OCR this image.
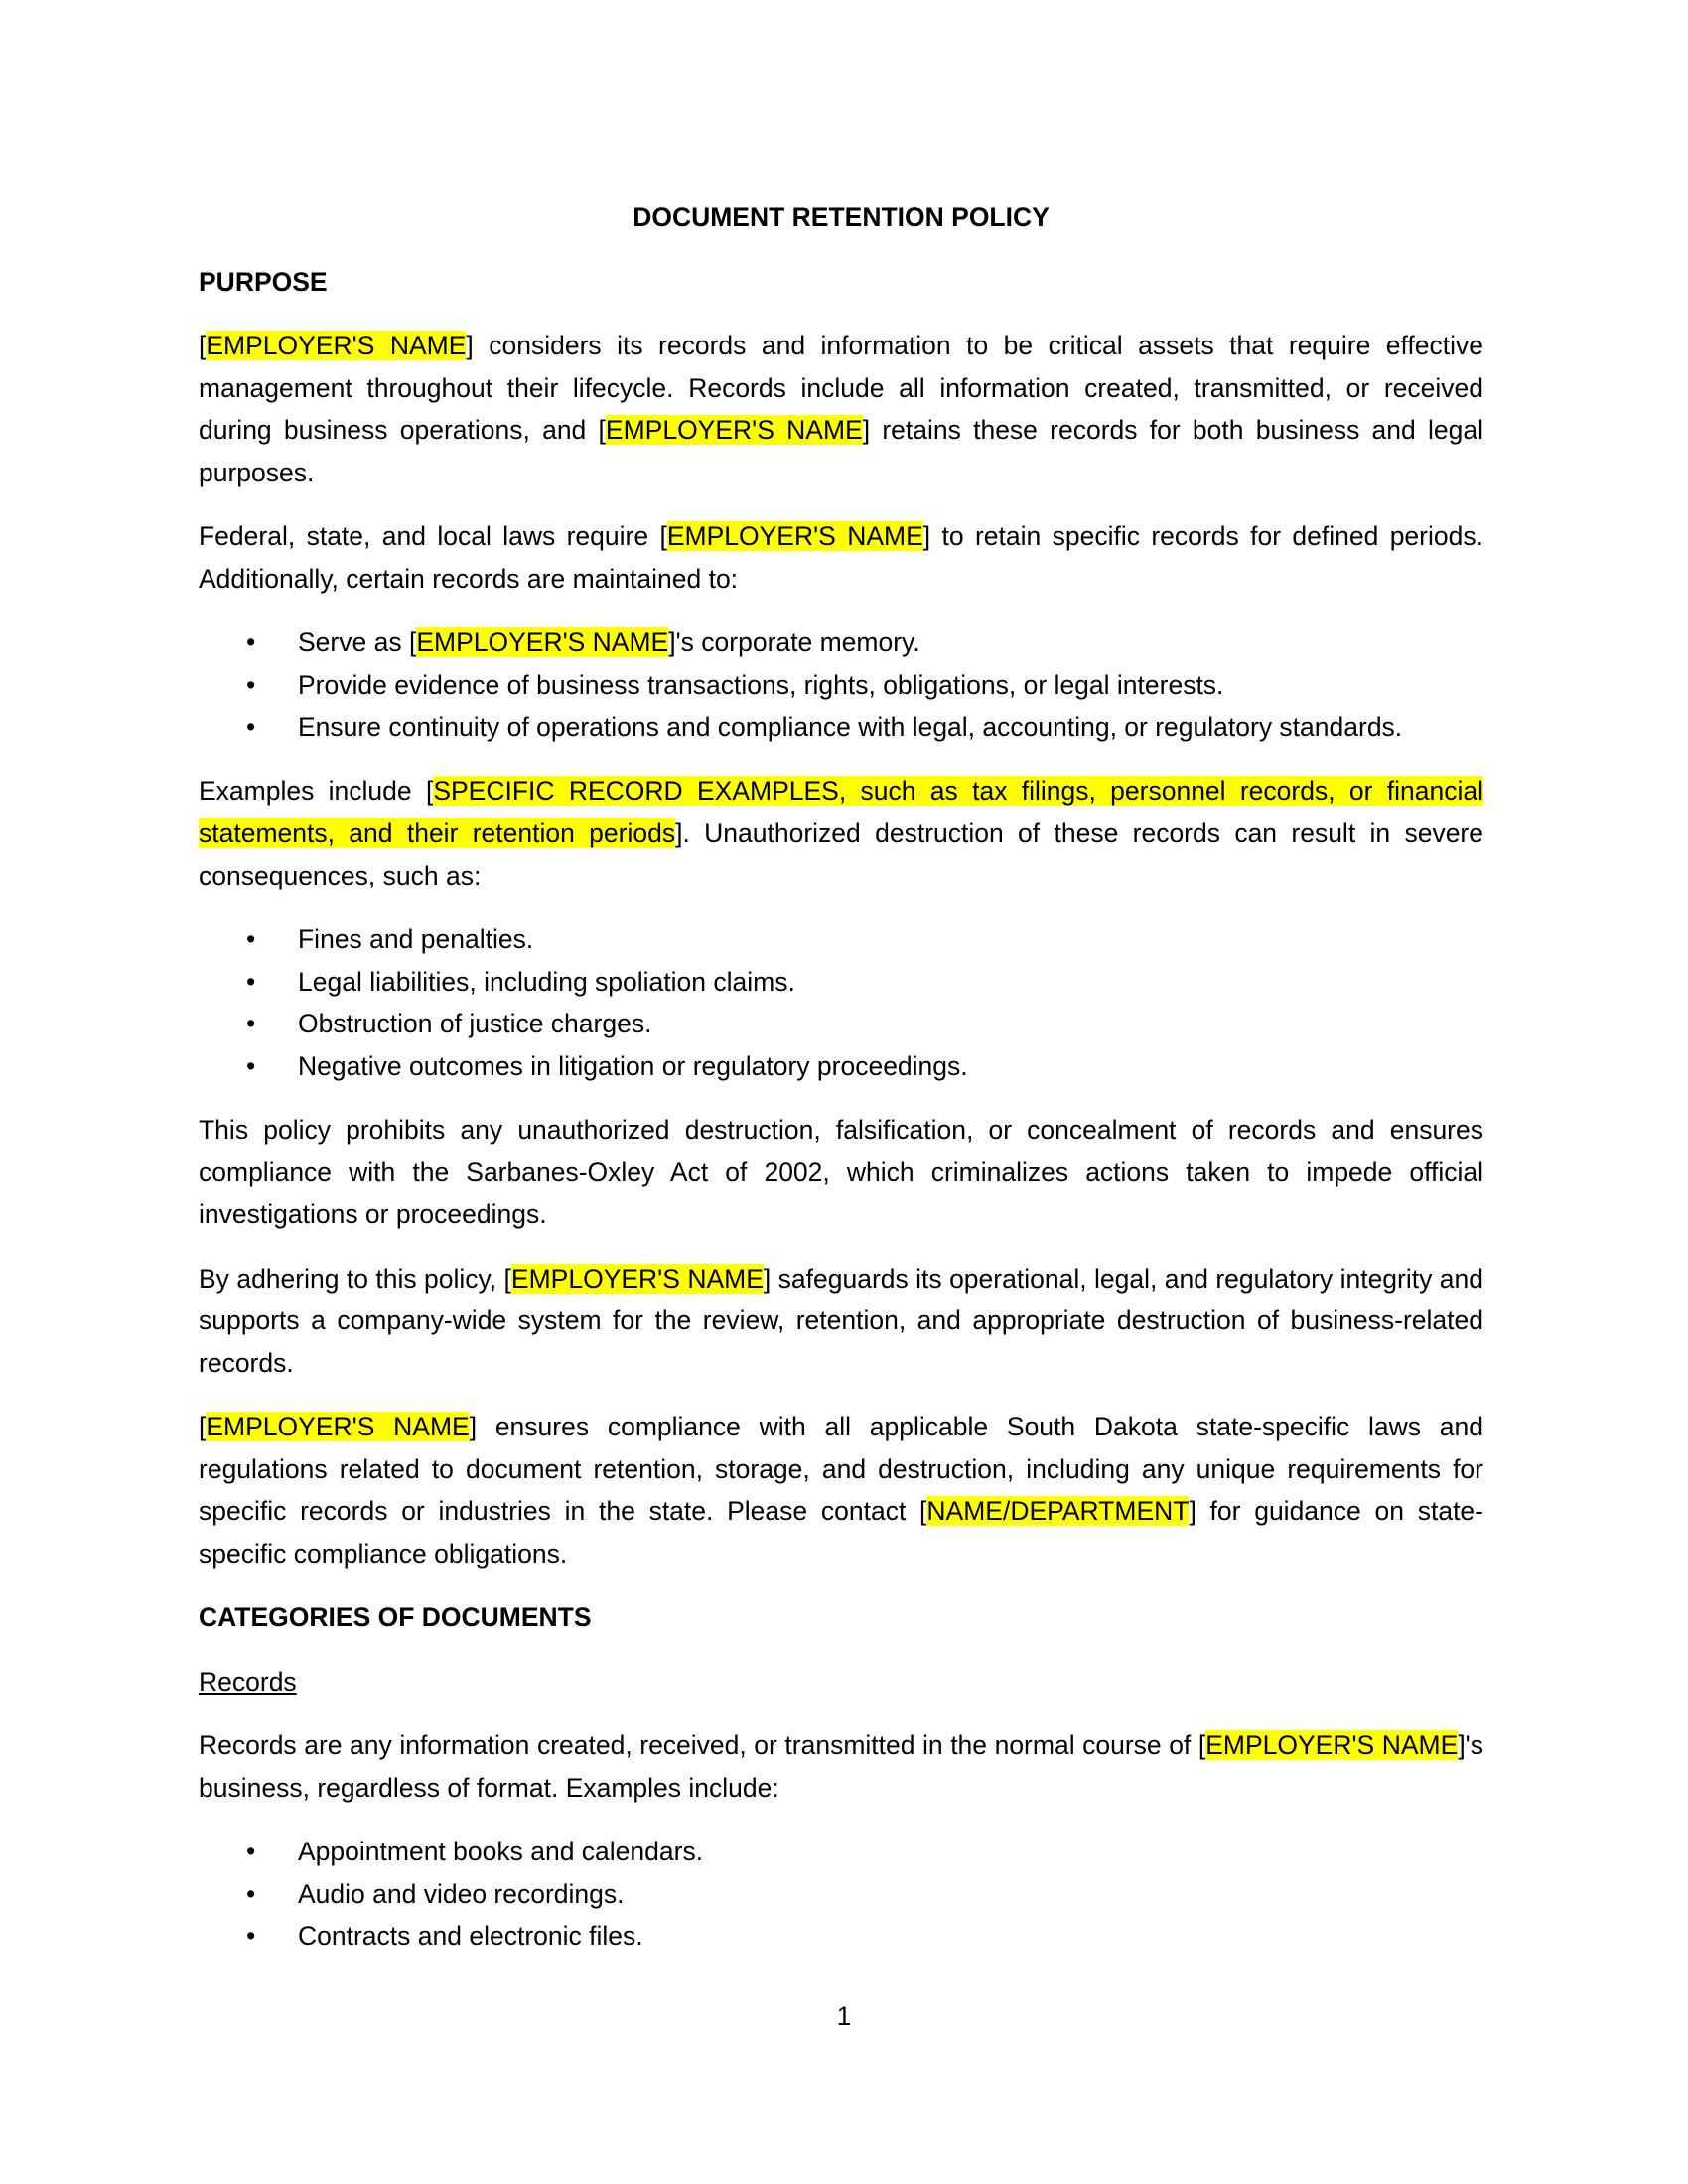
DOCUMENT RETENTION POLICY
PURPOSE

[EMPLOYER'S NAME] considers its records and information to be critical assets that require effective management throughout their lifecycle. Records include all information created, transmitted, or received during business operations, and [EMPLOYER'S NAME] retains these records for both business and legal purposes.

Federal, state, and local laws require [EMPLOYER'S NAME] to retain specific records for defined periods. Additionally, certain records are maintained to:

• Serve as [EMPLOYER'S NAME]'s corporate memory.
• Provide evidence of business transactions, rights, obligations, or legal interests.
• Ensure continuity of operations and compliance with legal, accounting, or regulatory standards.

Examples include [SPECIFIC RECORD EXAMPLES, such as tax filings, personnel records, or financial statements, and their retention periods]. Unauthorized destruction of these records can result in severe consequences, such as:

• Fines and penalties.
• Legal liabilities, including spoliation claims.
• Obstruction of justice charges.
• Negative outcomes in litigation or regulatory proceedings.

This policy prohibits any unauthorized destruction, falsification, or concealment of records and ensures compliance with the Sarbanes-Oxley Act of 2002, which criminalizes actions taken to impede official investigations or proceedings.

By adhering to this policy, [EMPLOYER'S NAME] safeguards its operational, legal, and regulatory integrity and supports a company-wide system for the review, retention, and appropriate destruction of business-related records.

[EMPLOYER'S NAME] ensures compliance with all applicable South Dakota state-specific laws and regulations related to document retention, storage, and destruction, including any unique requirements for specific records or industries in the state. Please contact [NAME/DEPARTMENT] for guidance on state-specific compliance obligations.

CATEGORIES OF DOCUMENTS
Records

Records are any information created, received, or transmitted in the normal course of [EMPLOYER'S NAME]'s business, regardless of format. Examples include:

• Appointment books and calendars.
• Audio and video recordings.
• Contracts and electronic files.
1
